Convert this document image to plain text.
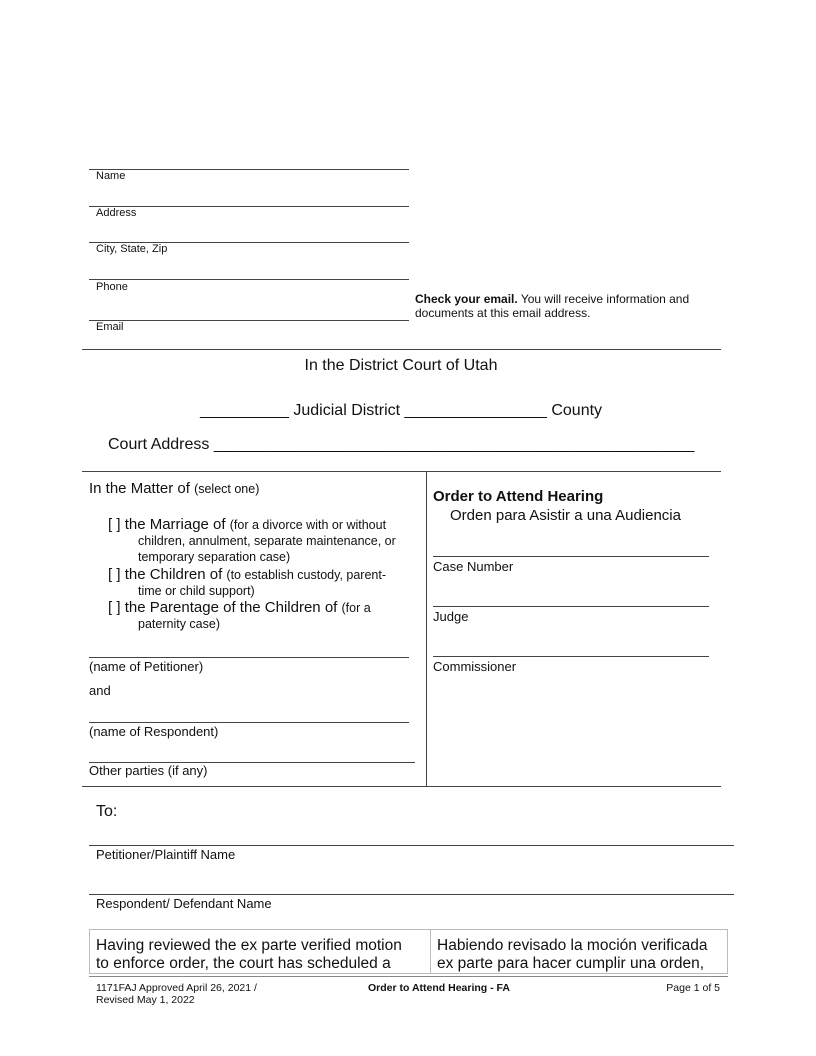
Name
Address
City, State, Zip
Phone
Email
Check your email. You will receive information and
documents at this email address.
In the District Court of Utah
__________ Judicial District ________________ County
Court Address ______________________________________________________
In the Matter of (select one)
[ ] the Marriage of (for a divorce with or without
children, annulment, separate maintenance, or
temporary separation case)
[ ] the Children of (to establish custody, parent-
time or child support)
[ ] the Parentage of the Children of (for a
paternity case)
(name of Petitioner)
and
(name of Respondent)
Other parties (if any)
Order to Attend Hearing
Orden para Asistir a una Audiencia
Case Number
Judge
Commissioner
To:
Petitioner/Plaintiff Name
Respondent/ Defendant Name
Having reviewed the ex parte verified motion
to enforce order, the court has scheduled a
Habiendo revisado la moción verificada
ex parte para hacer cumplir una orden,
1171FAJ Approved April 26, 2021 /
Revised May 1, 2022
Order to Attend Hearing - FA	Page 1 of 5
